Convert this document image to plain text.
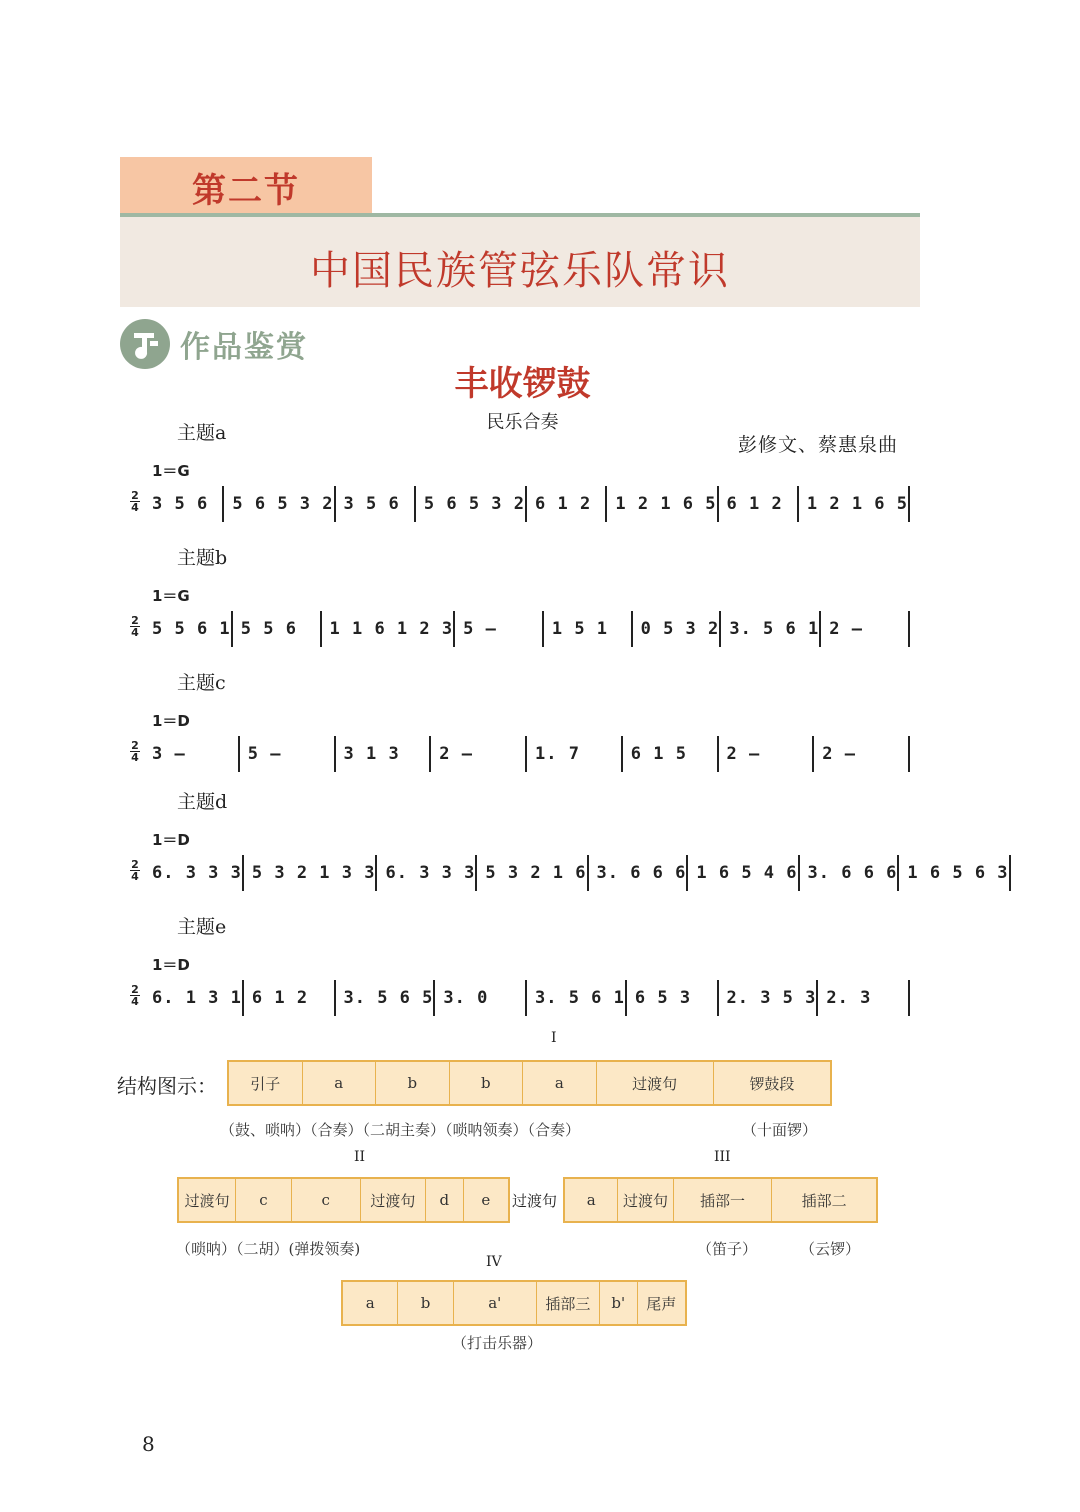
第二节
中国民族管弦乐队常识
作品鉴赏
丰收锣鼓
民乐合奏
彭修文、蔡惠泉曲
主题a
1＝G
2
4 3 5 6	5 6 5 3 2 3 5 6	5 6 5 3 2 6 1 2	1 2 1 6 5 6 1 2	1 2 1 6 5
主题b
1＝G
2
4 5 5 6 1 5 5 6	1 1 6 1 2 3 5 –	1 5 1	0 5 3 2 3. 5 6 1 2 –
主题c
1＝D
2
4 3 –	5 –	3 1 3	2 –	1. 7	6 1 5	2 –	2 –
主题d
1＝D
2
4 6. 3 3 3 5 3 2 1 3 3 6. 3 3 3 5 3 2 1 6 3. 6 6 6 1 6 5 4 6 3. 6 6 6 1 6 5 6 3
主题e
1＝D
2
4 6. 1 3 1 6 1 2	3. 5 6 5 3. 0	3. 5 6 1 6 5 3	2. 3 5 3 2. 3
结构图示：
I
引子	a	b	b	a	过渡句	锣鼓段
（鼓、唢呐）（合奏）（二胡主奏）（唢呐领奏）（合奏）	（十面锣）
II
过渡句	c	c	过渡句	d	e	过渡句
III
a	过渡句	插部一	插部二
（唢呐）（二胡）(弹拨领奏)	（笛子）	（云锣）
IV
a	b	a'	插部三	b'	尾声
（打击乐器）
8
